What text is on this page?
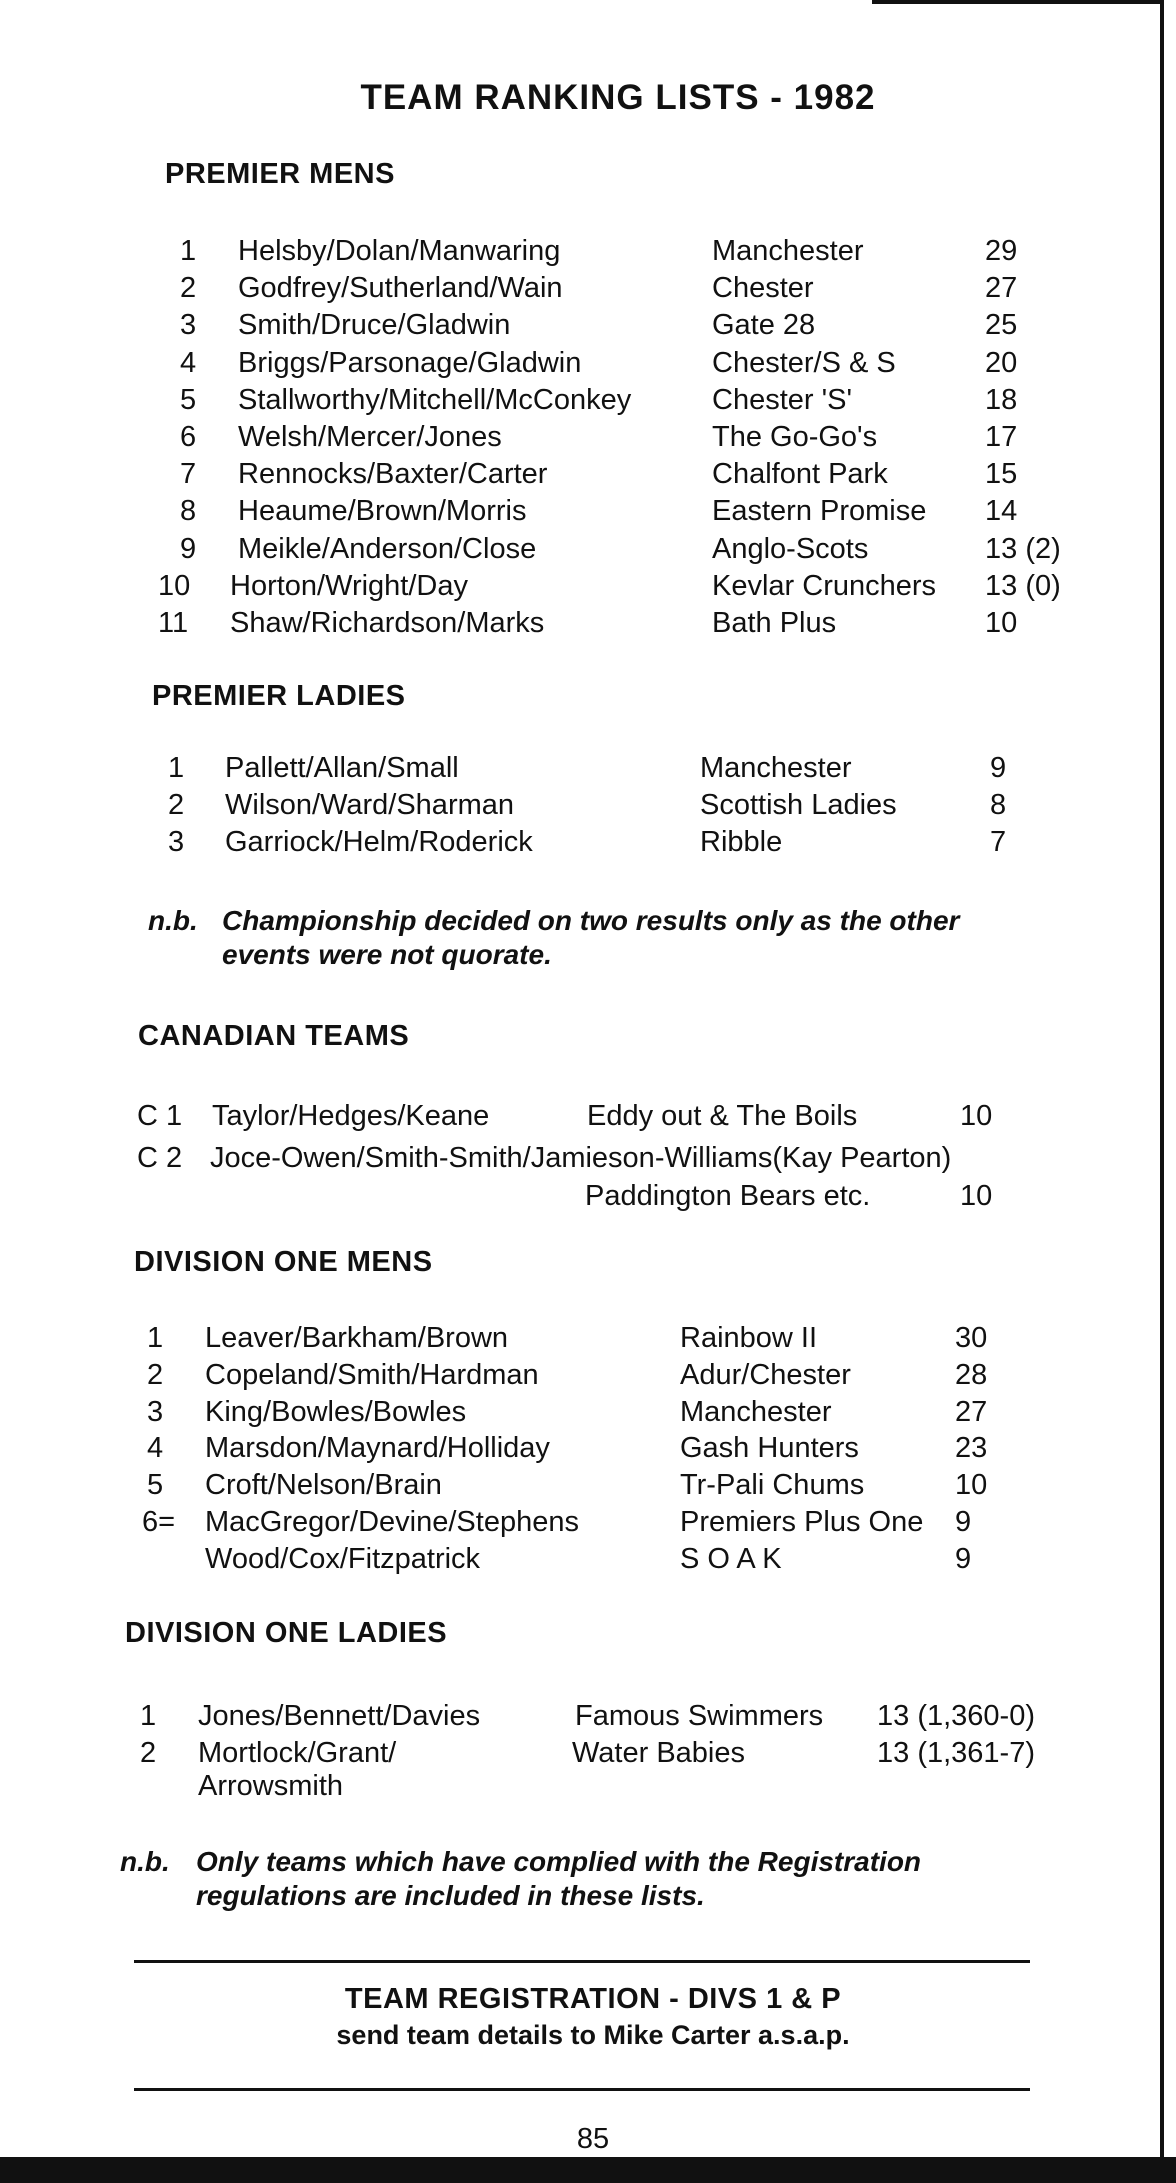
TEAM RANKING LISTS - 1982
PREMIER MENS
1 Helsby/Dolan/Manwaring	Manchester	29
2 Godfrey/Sutherland/Wain	Chester	27
3 Smith/Druce/Gladwin	Gate 28	25
4 Briggs/Parsonage/Gladwin	Chester/S & S	20
5 Stallworthy/Mitchell/McConkey	Chester 'S'	18
6 Welsh/Mercer/Jones	The Go-Go's	17
7 Rennocks/Baxter/Carter	Chalfont Park	15
8 Heaume/Brown/Morris	Eastern Promise 14
9 Meikle/Anderson/Close	Anglo-Scots	13 (2)
10 Horton/Wright/Day	Kevlar Crunchers 13 (0)
11 Shaw/Richardson/Marks	Bath Plus	10
PREMIER LADIES
1 Pallett/Allan/Small	Manchester	9
2 Wilson/Ward/Sharman	Scottish Ladies	8
3 Garriock/Helm/Roderick	Ribble	7
n.b. Championship decided on two results only as the other
events were not quorate.
CANADIAN TEAMS
C 1 Taylor/Hedges/Keane	Eddy out & The Boils	10
C 2 Joce-Owen/Smith-Smith/Jamieson-Williams(Kay Pearton)
Paddington Bears etc.	10
DIVISION ONE MENS
1 Leaver/Barkham/Brown	Rainbow II	30
2 Copeland/Smith/Hardman	Adur/Chester	28
3 King/Bowles/Bowles	Manchester	27
4 Marsdon/Maynard/Holliday	Gash Hunters	23
5 Croft/Nelson/Brain	Tr-Pali Chums	10
6= MacGregor/Devine/Stephens	Premiers Plus One 9
Wood/Cox/Fitzpatrick	S O A K	9
DIVISION ONE LADIES
1 Jones/Bennett/Davies	Famous Swimmers 13 (1,360-0)
2 Mortlock/Grant/	Water Babies	13 (1,361-7)
Arrowsmith
n.b. Only teams which have complied with the Registration
regulations are included in these lists.
TEAM REGISTRATION - DIVS 1 & P
send team details to Mike Carter a.s.a.p.
85
